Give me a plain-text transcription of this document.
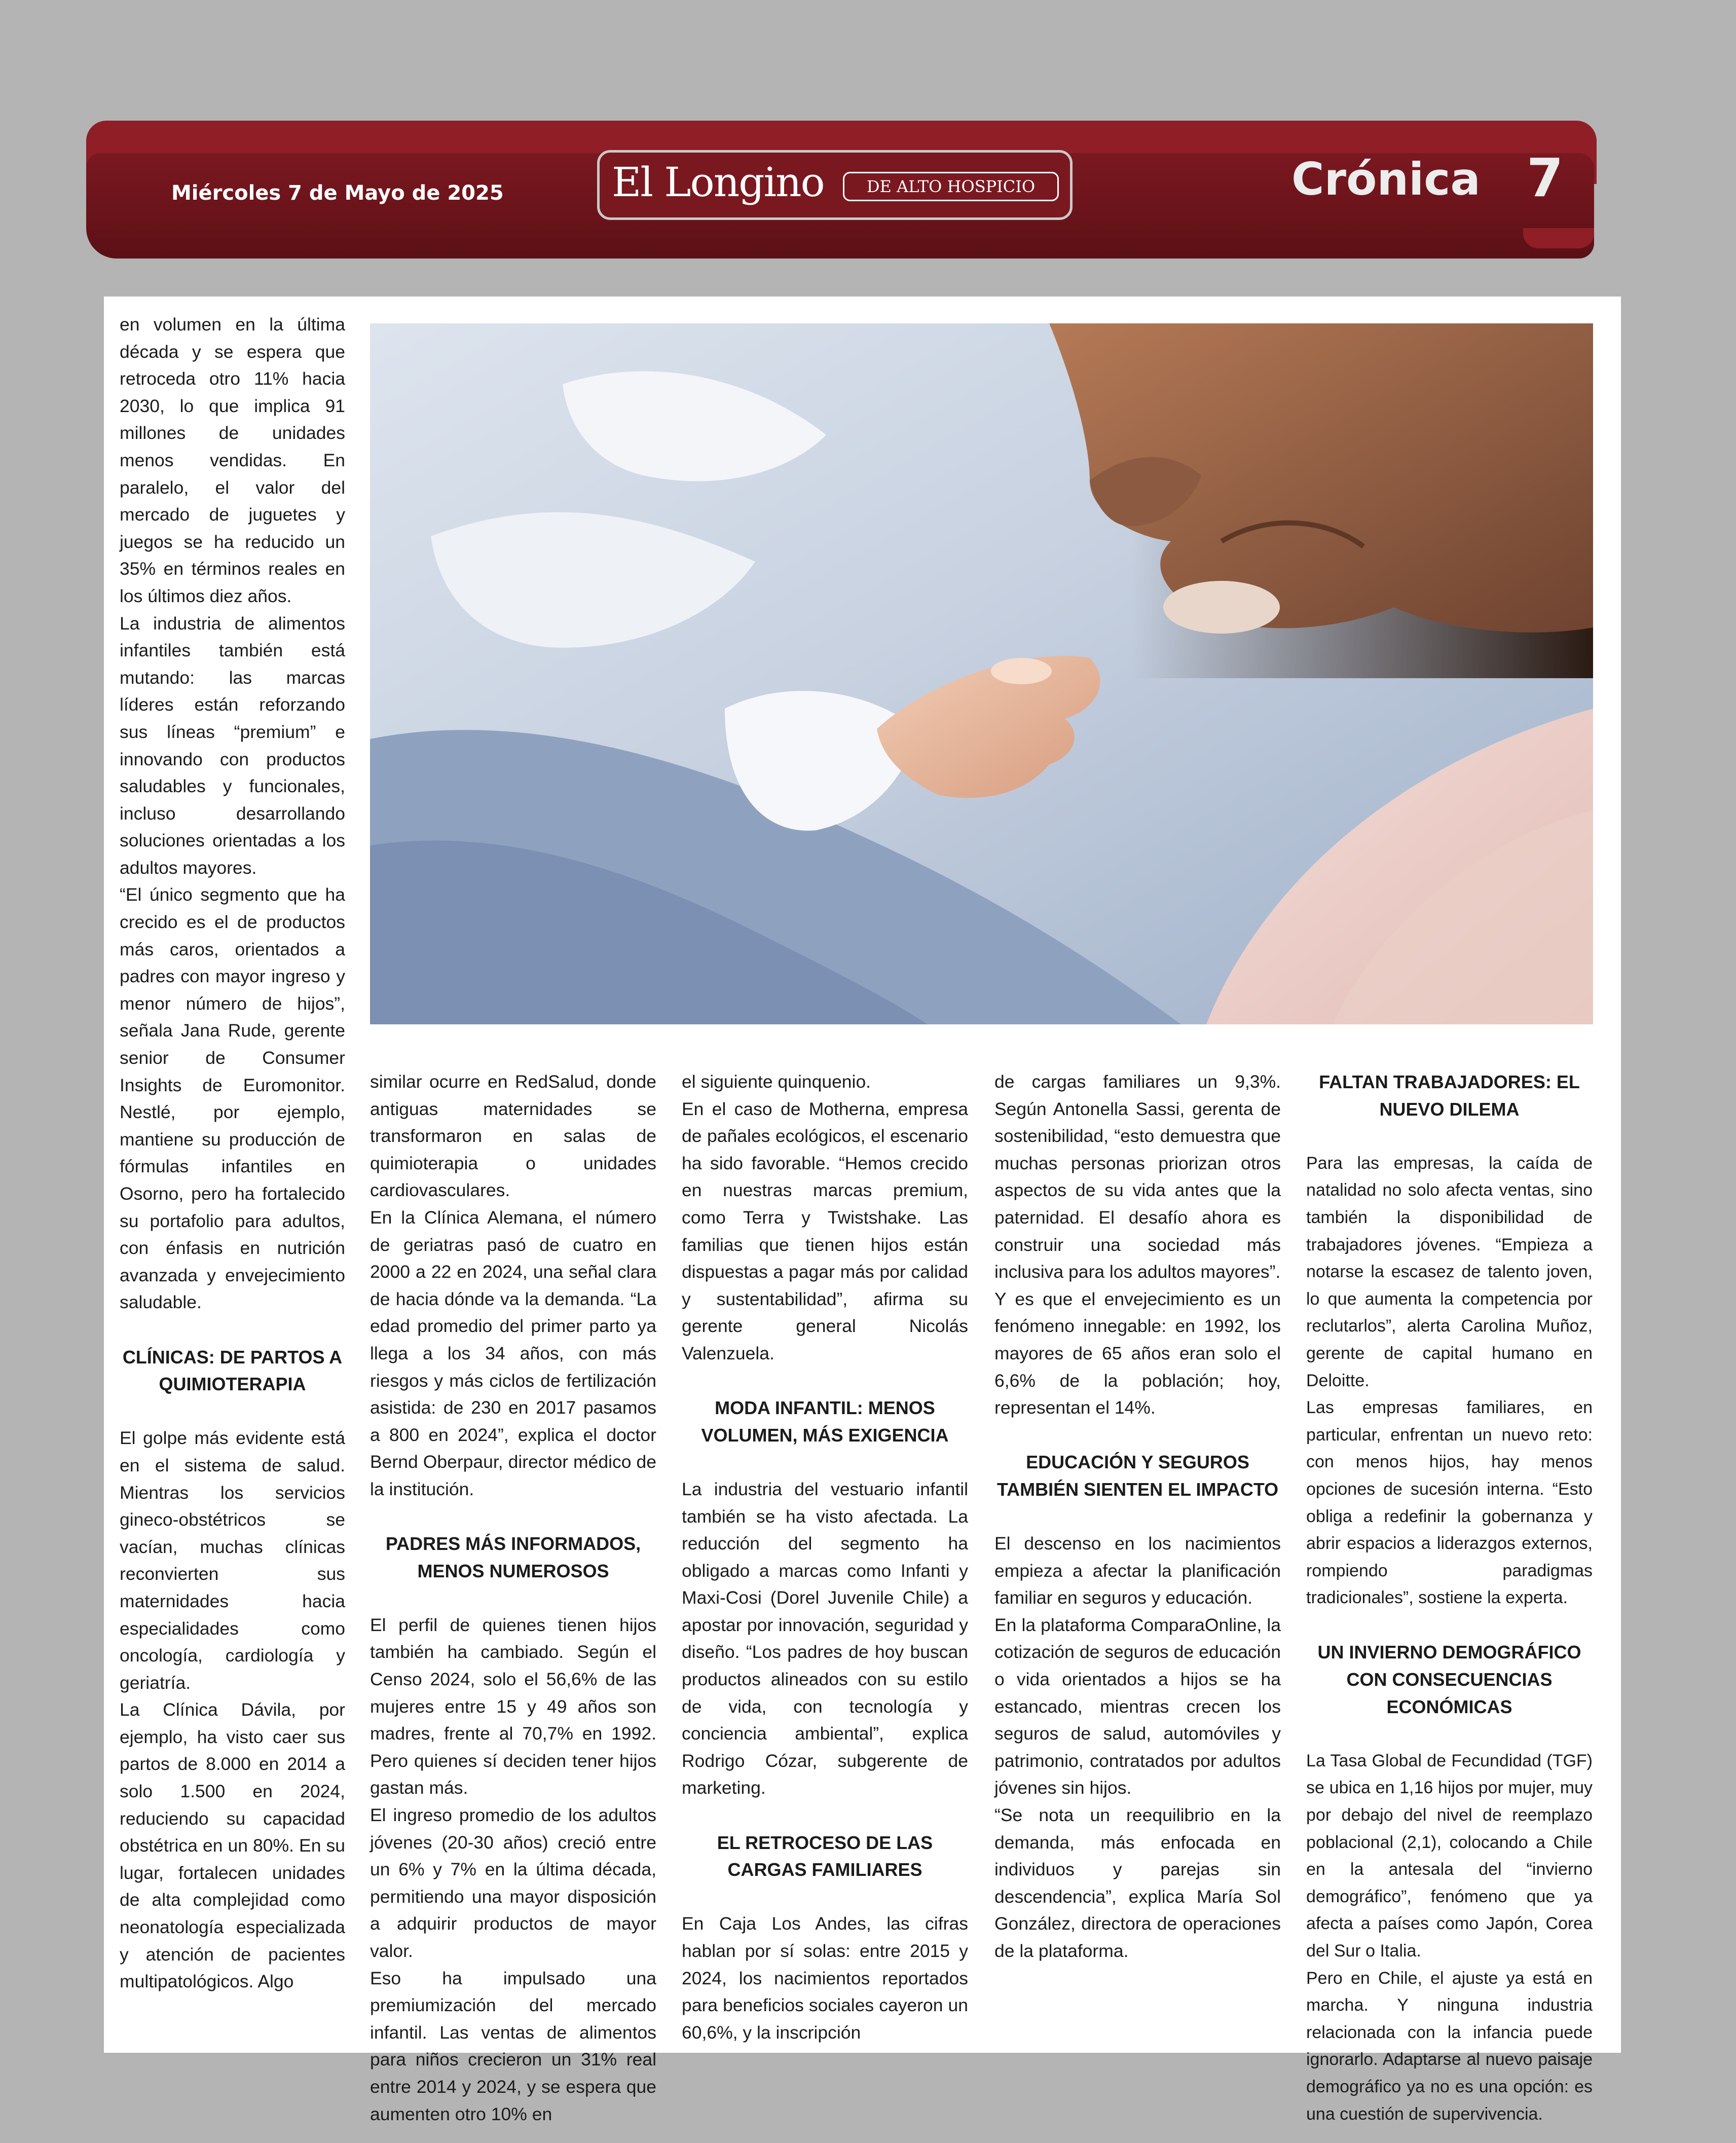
Miércoles 7 de Mayo de 2025	El Longino	DE ALTO HOSPICIO	Crónica 7

en volumen en la última década y se espera que retroceda otro 11% hacia 2030, lo que implica 91 millones de unidades menos vendidas. En paralelo, el valor del mercado de juguetes y juegos se ha reducido un 35% en términos reales en los últimos diez años.

La industria de alimentos infantiles también está mutando: las marcas líderes están reforzando sus líneas “premium” e innovando con productos saludables y funcionales, incluso desarrollando soluciones orientadas a los adultos mayores.

“El único segmento que ha crecido es el de productos más caros, orientados a padres con mayor ingreso y menor número de hijos”, señala Jana Rude, gerente senior de Consumer Insights de Euromonitor. Nestlé, por ejemplo, mantiene su producción de fórmulas infantiles en Osorno, pero ha fortalecido su portafolio para adultos, con énfasis en nutrición avanzada y envejecimiento saludable.

CLÍNICAS: DE PARTOS A QUIMIOTERAPIA

El golpe más evidente está en el sistema de salud. Mientras los servicios gineco-obstétricos se vacían, muchas clínicas reconvierten sus maternidades hacia especialidades como oncología, cardiología y geriatría.

La Clínica Dávila, por ejemplo, ha visto caer sus partos de 8.000 en 2014 a solo 1.500 en 2024, reduciendo su capacidad obstétrica en un 80%. En su lugar, fortalecen unidades de alta complejidad como neonatología especializada y atención de pacientes multipatológicos. Algo

similar ocurre en RedSalud, donde antiguas maternidades se transformaron en salas de quimioterapia o unidades cardiovasculares.

En la Clínica Alemana, el número de geriatras pasó de cuatro en 2000 a 22 en 2024, una señal clara de hacia dónde va la demanda. “La edad promedio del primer parto ya llega a los 34 años, con más riesgos y más ciclos de fertilización asistida: de 230 en 2017 pasamos a 800 en 2024”, explica el doctor Bernd Oberpaur, director médico de la institución.

PADRES MÁS INFORMADOS, MENOS NUMEROSOS

El perfil de quienes tienen hijos también ha cambiado. Según el Censo 2024, solo el 56,6% de las mujeres entre 15 y 49 años son madres, frente al 70,7% en 1992. Pero quienes sí deciden tener hijos gastan más.

El ingreso promedio de los adultos jóvenes (20-30 años) creció entre un 6% y 7% en la última década, permitiendo una mayor disposición a adquirir productos de mayor valor.

Eso ha impulsado una premiumización del mercado infantil. Las ventas de alimentos para niños crecieron un 31% real entre 2014 y 2024, y se espera que aumenten otro 10% en

el siguiente quinquenio.

En el caso de Motherna, empresa de pañales ecológicos, el escenario ha sido favorable. “Hemos crecido en nuestras marcas premium, como Terra y Twistshake. Las familias que tienen hijos están dispuestas a pagar más por calidad y sustentabilidad”, afirma su gerente general Nicolás Valenzuela.

MODA INFANTIL: MENOS VOLUMEN, MÁS EXIGENCIA

La industria del vestuario infantil también se ha visto afectada. La reducción del segmento ha obligado a marcas como Infanti y Maxi-Cosi (Dorel Juvenile Chile) a apostar por innovación, seguridad y diseño. “Los padres de hoy buscan productos alineados con su estilo de vida, con tecnología y conciencia ambiental”, explica Rodrigo Cózar, subgerente de marketing.

EL RETROCESO DE LAS CARGAS FAMILIARES

En Caja Los Andes, las cifras hablan por sí solas: entre 2015 y 2024, los nacimientos reportados para beneficios sociales cayeron un 60,6%, y la inscripción

de cargas familiares un 9,3%. Según Antonella Sassi, gerenta de sostenibilidad, “esto demuestra que muchas personas priorizan otros aspectos de su vida antes que la paternidad. El desafío ahora es construir una sociedad más inclusiva para los adultos mayores”.

Y es que el envejecimiento es un fenómeno innegable: en 1992, los mayores de 65 años eran solo el 6,6% de la población; hoy, representan el 14%.

EDUCACIÓN Y SEGUROS TAMBIÉN SIENTEN EL IMPACTO

El descenso en los nacimientos empieza a afectar la planificación familiar en seguros y educación.

En la plataforma ComparaOnline, la cotización de seguros de educación o vida orientados a hijos se ha estancado, mientras crecen los seguros de salud, automóviles y patrimonio, contratados por adultos jóvenes sin hijos.

“Se nota un reequilibrio en la demanda, más enfocada en individuos y parejas sin descendencia”, explica María Sol González, directora de operaciones de la plataforma.

FALTAN TRABAJADORES: EL NUEVO DILEMA

Para las empresas, la caída de natalidad no solo afecta ventas, sino también la disponibilidad de trabajadores jóvenes. “Empieza a notarse la escasez de talento joven, lo que aumenta la competencia por reclutarlos”, alerta Carolina Muñoz, gerente de capital humano en Deloitte.

Las empresas familiares, en particular, enfrentan un nuevo reto: con menos hijos, hay menos opciones de sucesión interna. “Esto obliga a redefinir la gobernanza y abrir espacios a liderazgos externos, rompiendo paradigmas tradicionales”, sostiene la experta.

UN INVIERNO DEMOGRÁFICO CON CONSECUENCIAS ECONÓMICAS

La Tasa Global de Fecundidad (TGF) se ubica en 1,16 hijos por mujer, muy por debajo del nivel de reemplazo poblacional (2,1), colocando a Chile en la antesala del “invierno demográfico”, fenómeno que ya afecta a países como Japón, Corea del Sur o Italia.

Pero en Chile, el ajuste ya está en marcha. Y ninguna industria relacionada con la infancia puede ignorarlo. Adaptarse al nuevo paisaje demográfico ya no es una opción: es una cuestión de supervivencia.
